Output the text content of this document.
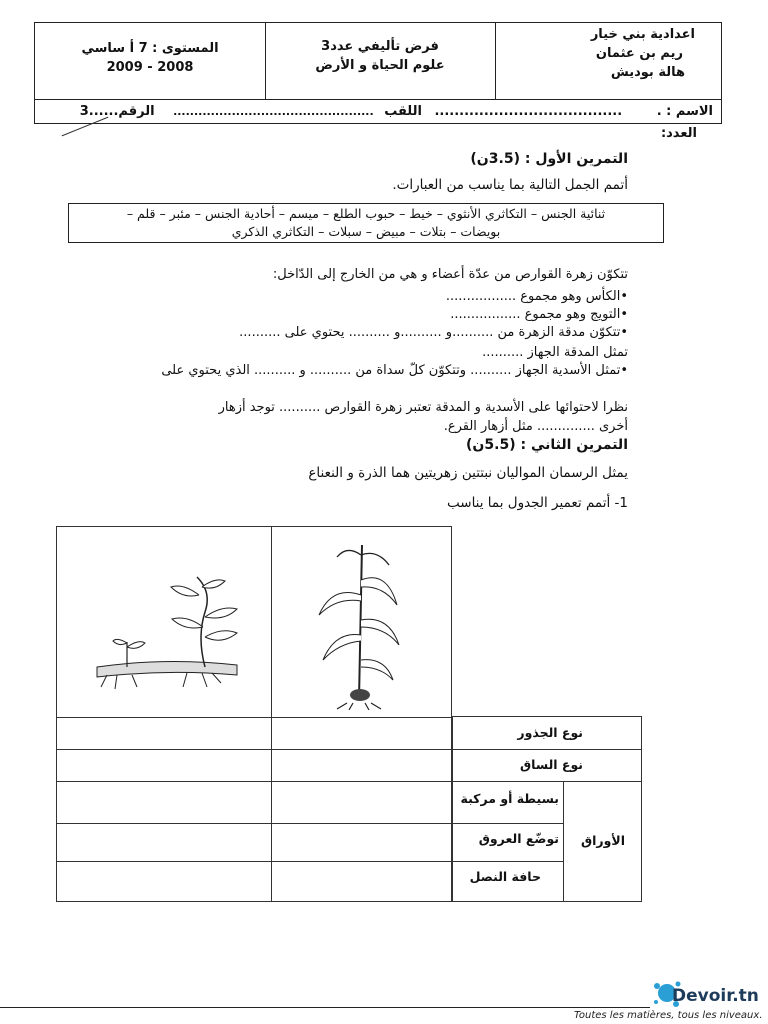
اعدادية بني خيار
ريم بن عثمان
هالة بوديش
فرض تأليفي عدد3
علوم الحياة و الأرض
المستوى : 7 أ ساسي
2009 - 2008
الاسم : . ...................................... اللقب ................................................ الرقم......3 العدد:
التمرين الأول : (3.5ن)
أتمم الجمل التالية بما يناسب من العبارات.
ثنائية الجنس – التكاثري الأنثوي – خيط – حبوب الطلع – ميسم – أحادية الجنس – مئبر – قلم –
بويضات – بتلات – مبيض – سبلات – التكاثري الذكري
تتكوّن زهرة القوارص من عدّة أعضاء و هي من الخارج إلى الدّاخل:
•الكأس وهو مجموع .................
•التويج وهو مجموع .................
•تتكوّن مدقة الزهرة من ..........و ..........و .......... يحتوي على ..........
تمثل المدقة الجهاز ..........
•تمثل الأسدية الجهاز .......... وتتكوّن كلّ سداة من .......... و .......... الذي يحتوي على
نظرا لاحتوائها على الأسدية و المدقة تعتبر زهرة القوارص .......... توجد أزهار
أخرى .............. مثل أزهار القرع.
التمرين الثاني : (5.5ن)
يمثل الرسمان المواليان نبتتين زهريتين هما الذرة و النعناع
1- أتمم تعمير الجدول بما يناسب
نوع الجذور
نوع الساق
بسيطة أو مركبة
توضّع العروق
حافة النصل
الأوراق
Devoir.tn
Toutes les matières, tous les niveaux.
